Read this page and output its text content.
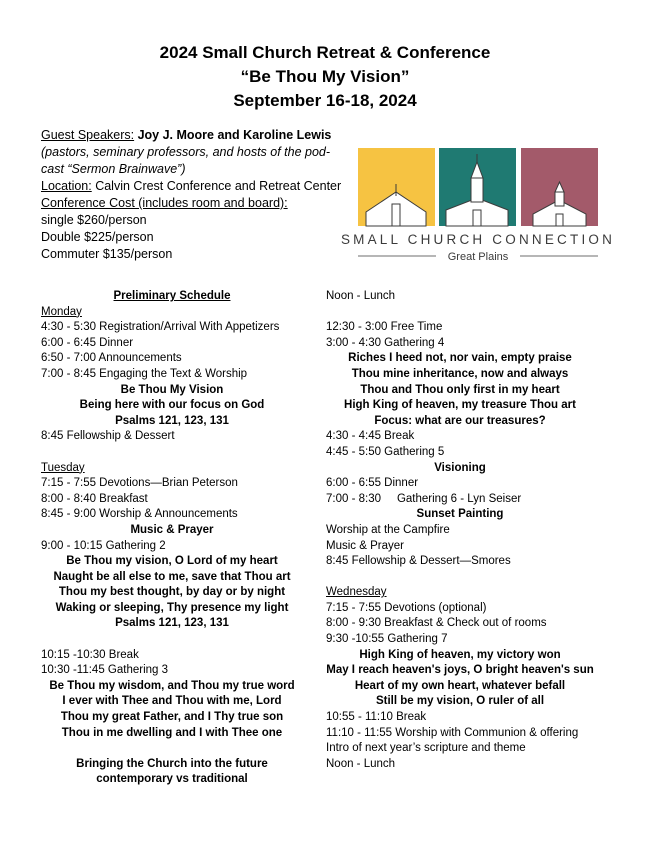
2024 Small Church Retreat & Conference
“Be Thou My Vision”
September 16-18, 2024
Guest Speakers: Joy J. Moore and Karoline Lewis
(pastors, seminary professors, and hosts of the pod-
cast “Sermon Brainwave”)
Location: Calvin Crest Conference and Retreat Center
Conference Cost (includes room and board):
single $260/person
Double $225/person
Commuter $135/person
SMALL CHURCH CONNECTION
Great Plains
Preliminary Schedule
Monday
4:30 - 5:30 Registration/Arrival With Appetizers
6:00 - 6:45 Dinner
6:50 - 7:00 Announcements
7:00 - 8:45 Engaging the Text & Worship
Be Thou My Vision
Being here with our focus on God
Psalms 121, 123, 131
8:45 Fellowship & Dessert
Tuesday
7:15 - 7:55 Devotions—Brian Peterson
8:00 - 8:40 Breakfast
8:45 - 9:00 Worship & Announcements
Music & Prayer
9:00 - 10:15 Gathering 2
Be Thou my vision, O Lord of my heart
Naught be all else to me, save that Thou art
Thou my best thought, by day or by night
Waking or sleeping, Thy presence my light
Psalms 121, 123, 131
10:15 -10:30 Break
10:30 -11:45 Gathering 3
Be Thou my wisdom, and Thou my true word
I ever with Thee and Thou with me, Lord
Thou my great Father, and I Thy true son
Thou in me dwelling and I with Thee one
Bringing the Church into the future
contemporary vs traditional
Noon - Lunch
12:30 - 3:00 Free Time
3:00 - 4:30 Gathering 4
Riches I heed not, nor vain, empty praise
Thou mine inheritance, now and always
Thou and Thou only first in my heart
High King of heaven, my treasure Thou art
Focus: what are our treasures?
4:30 - 4:45 Break
4:45 - 5:50 Gathering 5
Visioning
6:00 - 6:55 Dinner
7:00 - 8:30     Gathering 6 - Lyn Seiser
Sunset Painting
Worship at the Campfire
Music & Prayer
8:45 Fellowship & Dessert—Smores
Wednesday
7:15 - 7:55 Devotions (optional)
8:00 - 9:30 Breakfast & Check out of rooms
9:30 -10:55 Gathering 7
High King of heaven, my victory won
May I reach heaven's joys, O bright heaven's sun
Heart of my own heart, whatever befall
Still be my vision, O ruler of all
10:55 - 11:10 Break
11:10 - 11:55 Worship with Communion & offering
Intro of next year’s scripture and theme
Noon - Lunch
